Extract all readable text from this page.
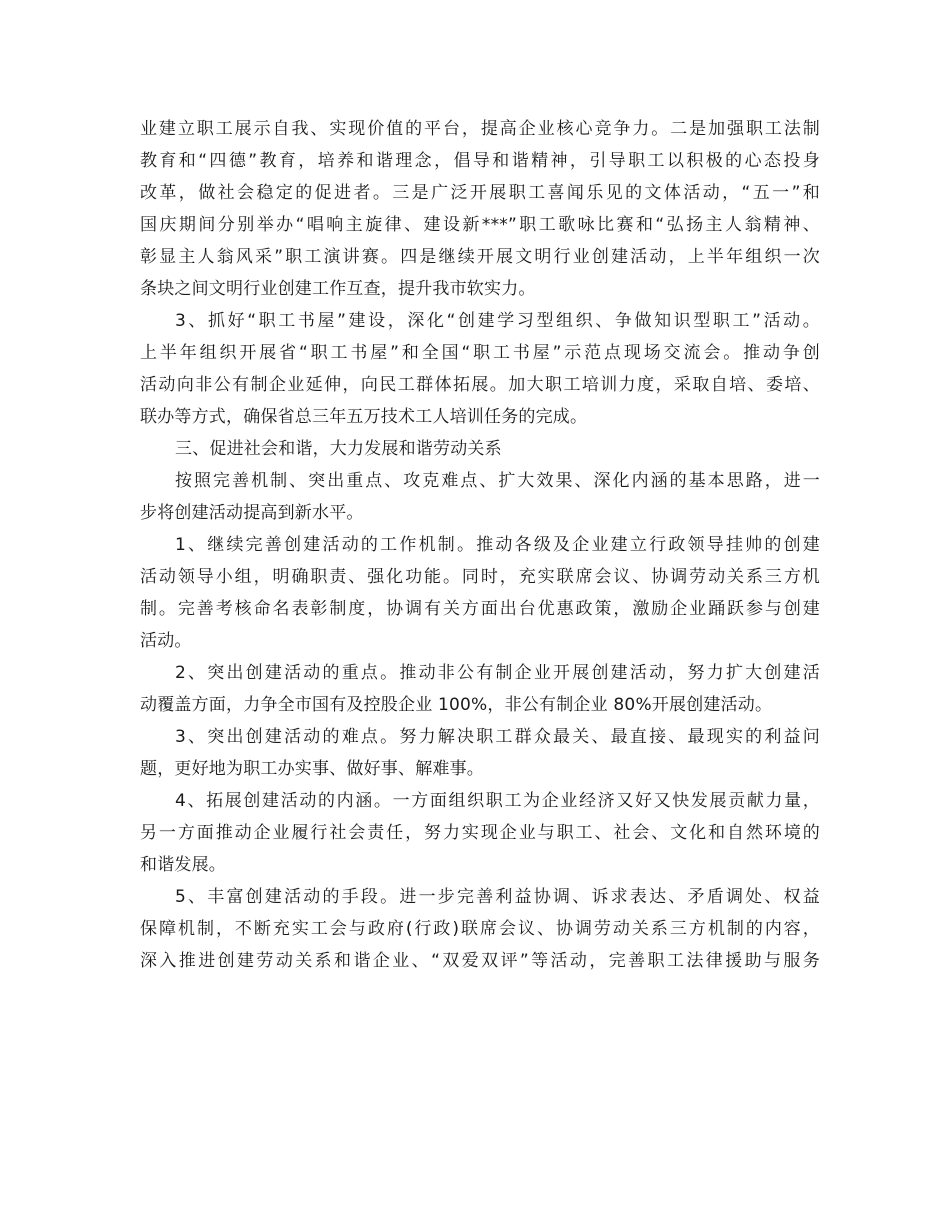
业建立职工展示自我、实现价值的平台，提高企业核心竞争力。二是加强职工法制
教育和“四德”教育，培养和谐理念，倡导和谐精神，引导职工以积极的心态投身
改革，做社会稳定的促进者。三是广泛开展职工喜闻乐见的文体活动，“五一”和
国庆期间分别举办“唱响主旋律、建设新***”职工歌咏比赛和“弘扬主人翁精神、
彰显主人翁风采”职工演讲赛。四是继续开展文明行业创建活动，上半年组织一次
条块之间文明行业创建工作互查，提升我市软实力。
3、抓好“职工书屋”建设，深化“创建学习型组织、争做知识型职工”活动。
上半年组织开展省“职工书屋”和全国“职工书屋”示范点现场交流会。推动争创
活动向非公有制企业延伸，向民工群体拓展。加大职工培训力度，采取自培、委培、
联办等方式，确保省总三年五万技术工人培训任务的完成。
三、促进社会和谐，大力发展和谐劳动关系
按照完善机制、突出重点、攻克难点、扩大效果、深化内涵的基本思路，进一
步将创建活动提高到新水平。
1、继续完善创建活动的工作机制。推动各级及企业建立行政领导挂帅的创建
活动领导小组，明确职责、强化功能。同时，充实联席会议、协调劳动关系三方机
制。完善考核命名表彰制度，协调有关方面出台优惠政策，激励企业踊跃参与创建
活动。
2、突出创建活动的重点。推动非公有制企业开展创建活动，努力扩大创建活
动覆盖方面，力争全市国有及控股企业 100%，非公有制企业 80%开展创建活动。
3、突出创建活动的难点。努力解决职工群众最关、最直接、最现实的利益问
题，更好地为职工办实事、做好事、解难事。
4、拓展创建活动的内涵。一方面组织职工为企业经济又好又快发展贡献力量，
另一方面推动企业履行社会责任，努力实现企业与职工、社会、文化和自然环境的
和谐发展。
5、丰富创建活动的手段。进一步完善利益协调、诉求表达、矛盾调处、权益
保障机制，不断充实工会与政府(行政)联席会议、协调劳动关系三方机制的内容，
深入推进创建劳动关系和谐企业、“双爱双评”等活动，完善职工法律援助与服务
